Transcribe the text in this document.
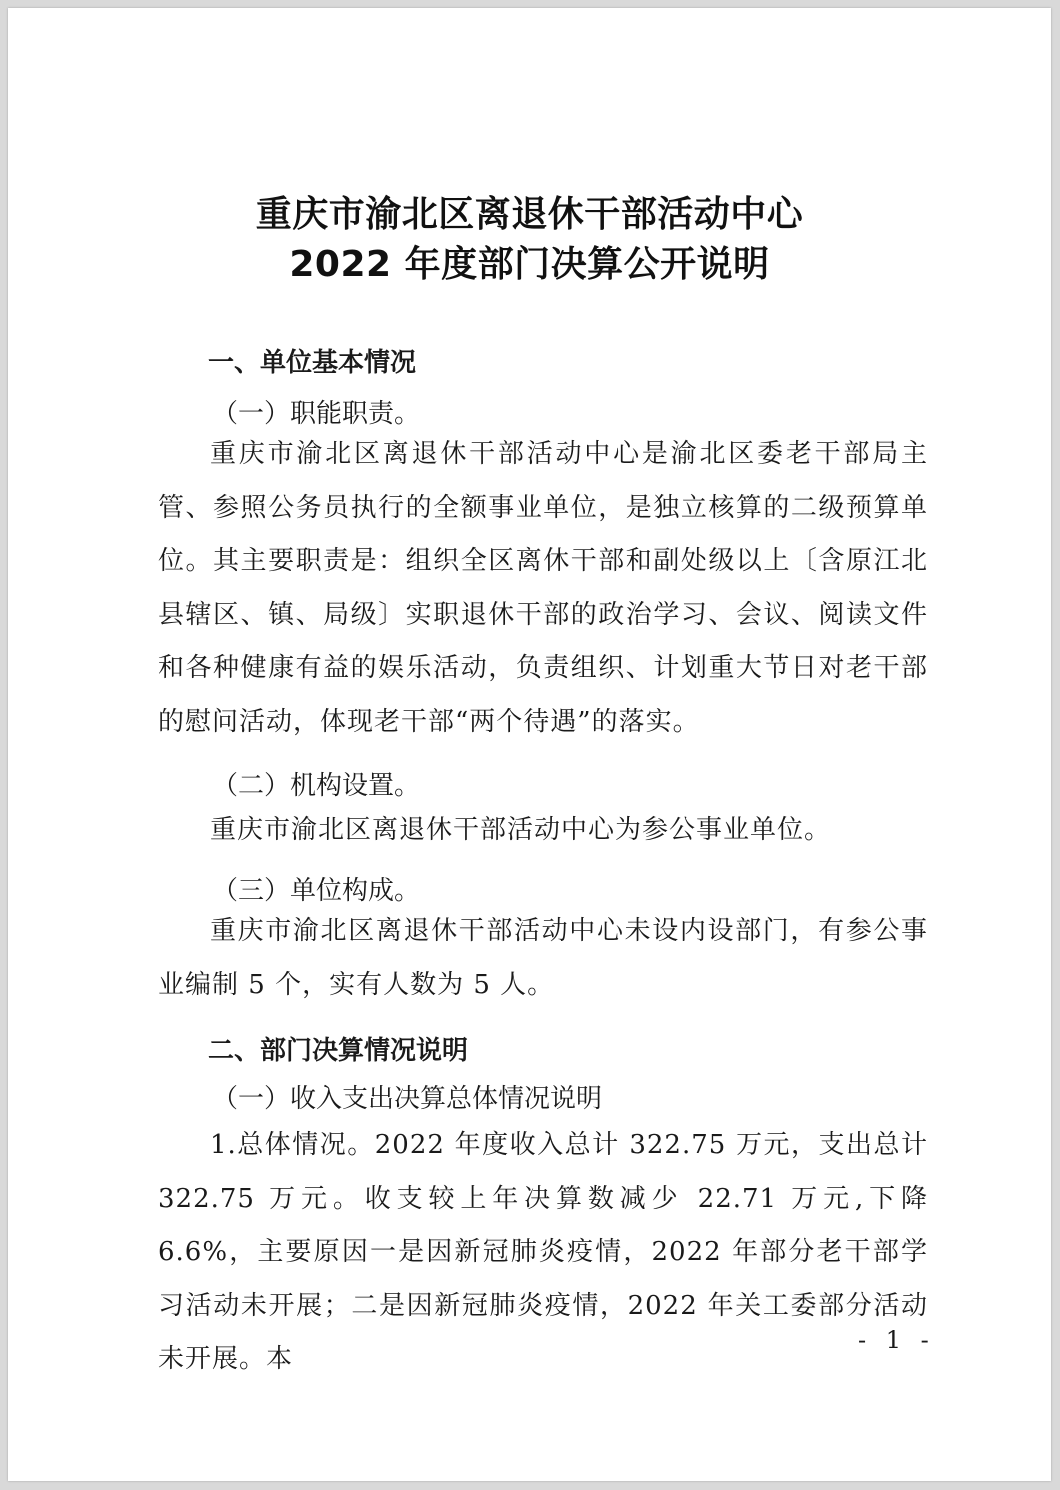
重庆市渝北区离退休干部活动中心
2022 年度部门决算公开说明
一、单位基本情况
（一）职能职责。
重庆市渝北区离退休干部活动中心是渝北区委老干部局主管、参照公务员执行的全额事业单位，是独立核算的二级预算单位。其主要职责是：组织全区离休干部和副处级以上〔含原江北县辖区、镇、局级〕实职退休干部的政治学习、会议、阅读文件和各种健康有益的娱乐活动，负责组织、计划重大节日对老干部的慰问活动，体现老干部“两个待遇”的落实。
（二）机构设置。
重庆市渝北区离退休干部活动中心为参公事业单位。
（三）单位构成。
重庆市渝北区离退休干部活动中心未设内设部门，有参公事业编制 5 个，实有人数为 5 人。
二、部门决算情况说明
（一）收入支出决算总体情况说明
1.总体情况。2022 年度收入总计 322.75 万元，支出总计 322.75 万元。收支较上年决算数减少 22.71 万元,下降 6.6%，主要原因一是因新冠肺炎疫情，2022 年部分老干部学习活动未开展；二是因新冠肺炎疫情，2022 年关工委部分活动未开展。本
- 1 -
